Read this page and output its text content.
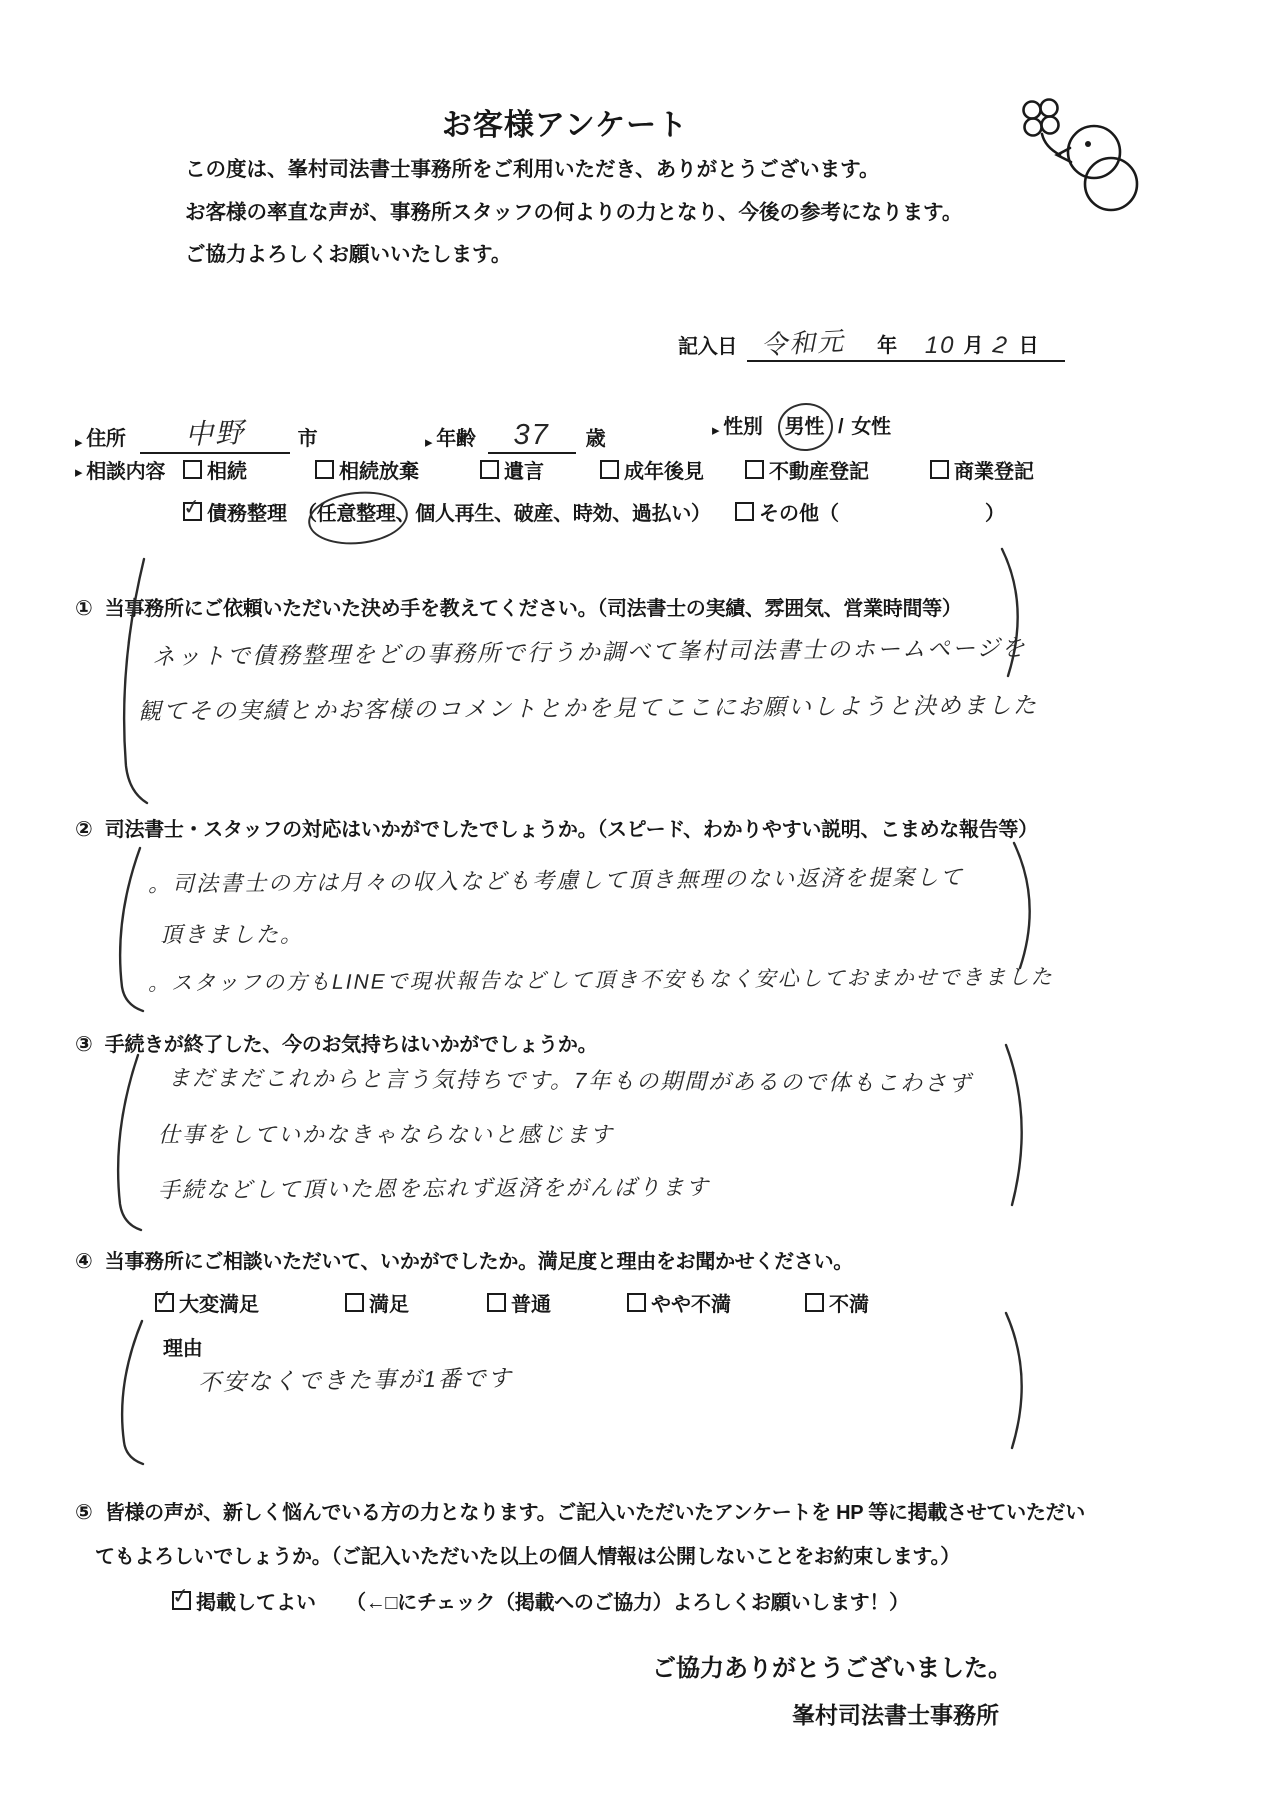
お客様アンケート
この度は、峯村司法書士事務所をご利用いただき、ありがとうございます。
お客様の率直な声が、事務所スタッフの何よりの力となり、今後の参考になります。
ご協力よろしくお願いいたします。
記入日 令和元 年 10 月 2 日
▸ 住所 中野	市	▸ 年齢 37 歳	▸ 性別 男性 / 女性
▸ 相談内容 相続	相続放棄	遺言	成年後見	不動産登記	商業登記
✓
債務整理 （任意整理、個人再生、破産、時効、過払い） その他（	）
① 当事務所にご依頼いただいた決め手を教えてください。（司法書士の実績、雰囲気、営業時間等）
ネットで債務整理をどの事務所で行うか調べて峯村司法書士のホームページを
観てその実績とかお客様のコメントとかを見てここにお願いしようと決めました
② 司法書士・スタッフの対応はいかがでしたでしょうか。（スピード、わかりやすい説明、こまめな報告等）
。司法書士の方は月々の収入なども考慮して頂き無理のない返済を提案して
頂きました。
。スタッフの方もLINEで現状報告などして頂き不安もなく安心しておまかせできました
③ 手続きが終了した、今のお気持ちはいかがでしょうか。
まだまだこれからと言う気持ちです。7年もの期間があるので体もこわさず
仕事をしていかなきゃならないと感じます
手続などして頂いた恩を忘れず返済をがんばります
④ 当事務所にご相談いただいて、いかがでしたか。満足度と理由をお聞かせください。
✓
大変満足	満足	普通	やや不満	不満
理由
不安なくできた事が1番です
⑤ 皆様の声が、新しく悩んでいる方の力となります。ご記入いただいたアンケートを HP 等に掲載させていただい
てもよろしいでしょうか。（ご記入いただいた以上の個人情報は公開しないことをお約束します。）
✓
掲載してよい （←□にチェック（掲載へのご協力）よろしくお願いします！）
ご協力ありがとうございました。
峯村司法書士事務所
